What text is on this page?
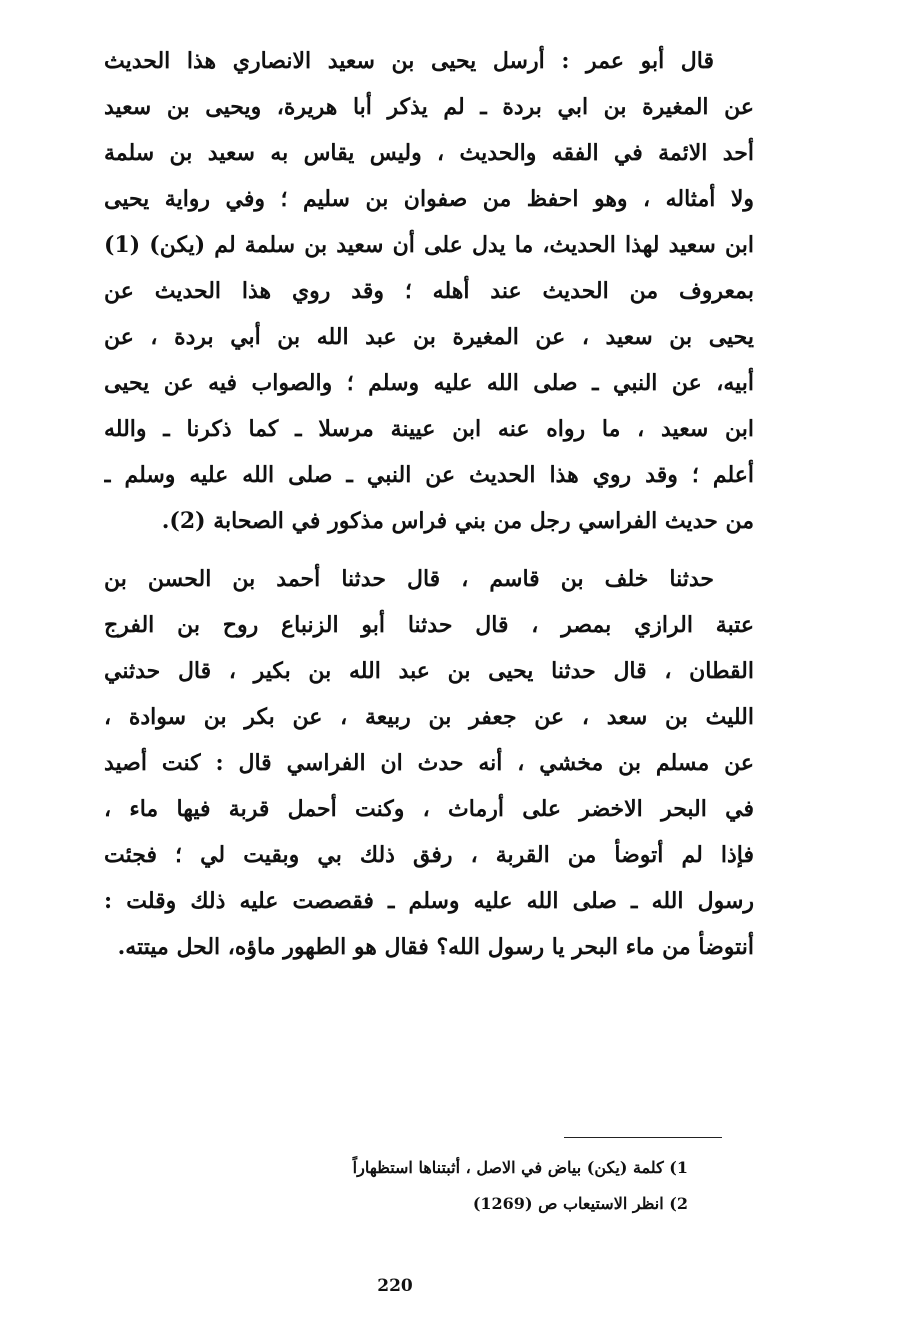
قال أبو عمر : أرسل يحيى بن سعيد الانصاري هذا الحديث
عن المغيرة بن ابي بردة ـ لم يذكر أبا هريرة، ويحيى بن سعيد
أحد الائمة في الفقه والحديث ، وليس يقاس به سعيد بن سلمة
ولا أمثاله ، وهو احفظ من صفوان بن سليم ؛ وفي رواية يحيى
ابن سعيد لهذا الحديث، ما يدل على أن سعيد بن سلمة لم (يكن) (1)
بمعروف من الحديث عند أهله ؛ وقد روي هذا الحديث عن
يحيى بن سعيد ، عن المغيرة بن عبد الله بن أبي بردة ، عن
أبيه، عن النبي ـ صلى الله عليه وسلم ؛ والصواب فيه عن يحيى
ابن سعيد ، ما رواه عنه ابن عيينة مرسلا ـ كما ذكرنا ـ والله
أعلم ؛ وقد روي هذا الحديث عن النبي ـ صلى الله عليه وسلم ـ
من حديث الفراسي رجل من بني فراس مذكور في الصحابة (2).
حدثنا خلف بن قاسم ، قال حدثنا أحمد بن الحسن بن
عتبة الرازي بمصر ، قال حدثنا أبو الزنباع روح بن الفرج
القطان ، قال حدثنا يحيى بن عبد الله بن بكير ، قال حدثني
الليث بن سعد ، عن جعفر بن ربيعة ، عن بكر بن سوادة ،
عن مسلم بن مخشي ، أنه حدث ان الفراسي قال : كنت أصيد
في البحر الاخضر على أرماث ، وكنت أحمل قربة فيها ماء ،
فإذا لم أتوضأ من القربة ، رفق ذلك بي وبقيت لي ؛ فجئت
رسول الله ـ صلى الله عليه وسلم ـ فقصصت عليه ذلك وقلت :
أنتوضأ من ماء البحر يا رسول الله؟ فقال هو الطهور ماؤه، الحل ميتته.
1) كلمة (يكن) بياض في الاصل ، أثبتناها استظهاراً
2) انظر الاستيعاب ص (1269)
220
